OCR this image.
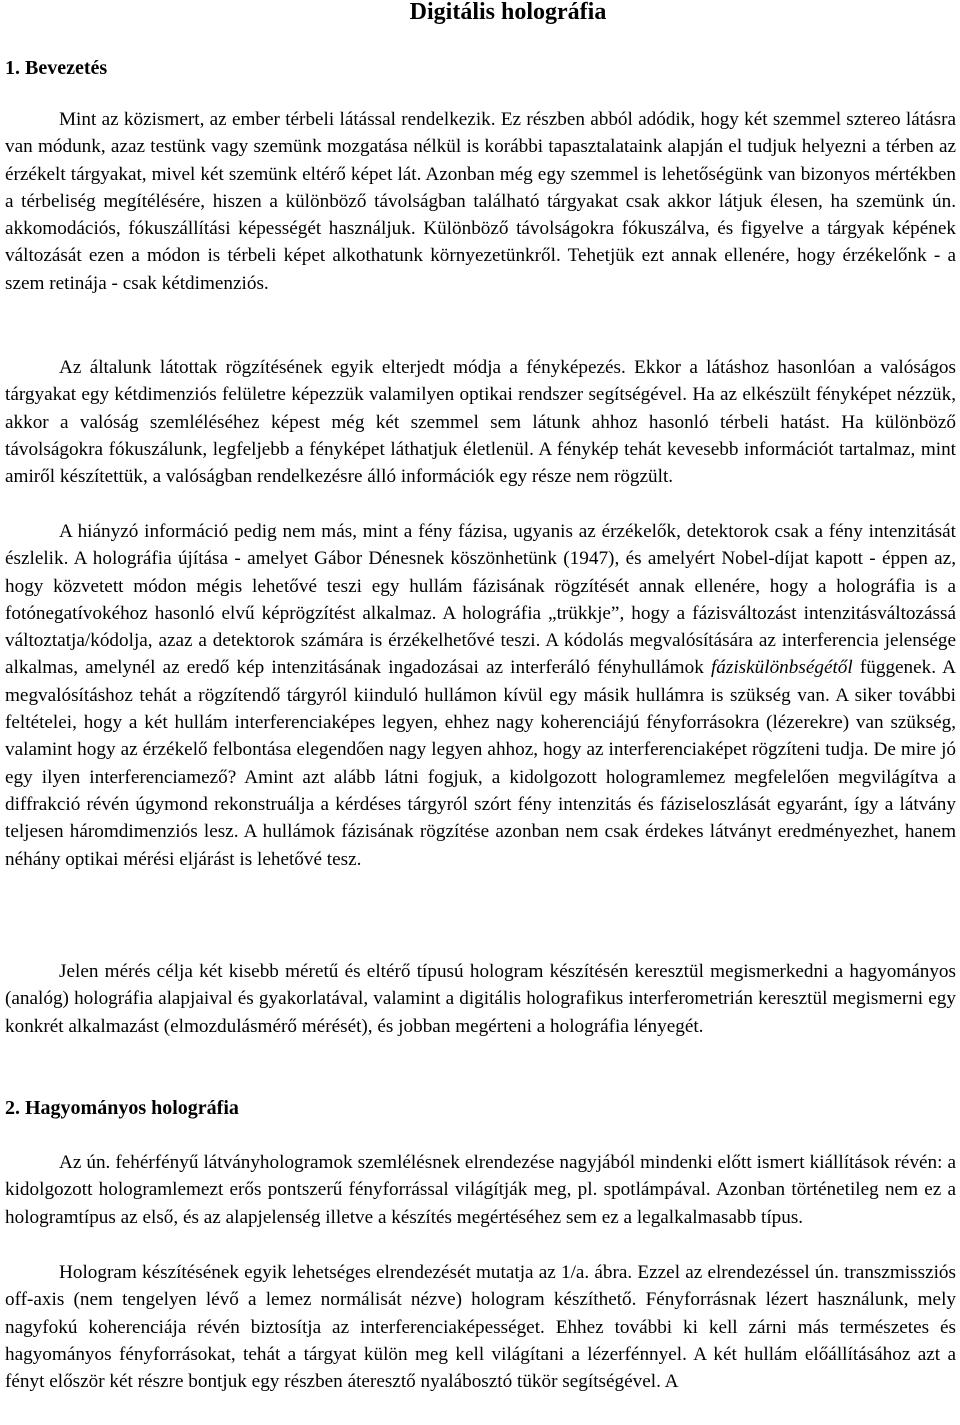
Digitális holográfia
1. Bevezetés

Mint az közismert, az ember térbeli látással rendelkezik. Ez részben abból adódik, hogy két szemmel sztereo látásra van módunk, azaz testünk vagy szemünk mozgatása nélkül is korábbi tapasztalataink alapján el tudjuk helyezni a térben az érzékelt tárgyakat, mivel két szemünk eltérő képet lát. Azonban még egy szemmel is lehetőségünk van bizonyos mértékben a térbeliség megítélésére, hiszen a különböző távolságban található tárgyakat csak akkor látjuk élesen, ha szemünk ún. akkomodációs, fókuszállítási képességét használjuk. Különböző távolságokra fókuszálva, és figyelve a tárgyak képének változását ezen a módon is térbeli képet alkothatunk környezetünkről. Tehetjük ezt annak ellenére, hogy érzékelőnk - a szem retinája - csak kétdimenziós.

Az általunk látottak rögzítésének egyik elterjedt módja a fényképezés. Ekkor a látáshoz hasonlóan a valóságos tárgyakat egy kétdimenziós felületre képezzük valamilyen optikai rendszer segítségével. Ha az elkészült fényképet nézzük, akkor a valóság szemléléséhez képest még két szemmel sem látunk ahhoz hasonló térbeli hatást. Ha különböző távolságokra fókuszálunk, legfeljebb a fényképet láthatjuk életlenül. A fénykép tehát kevesebb információt tartalmaz, mint amiről készítettük, a valóságban rendelkezésre álló információk egy része nem rögzült.

A hiányzó információ pedig nem más, mint a fény fázisa, ugyanis az érzékelők, detektorok csak a fény intenzitását észlelik. A holográfia újítása - amelyet Gábor Dénesnek köszönhetünk (1947), és amelyért Nobel-díjat kapott - éppen az, hogy közvetett módon mégis lehetővé teszi egy hullám fázisának rögzítését annak ellenére, hogy a holográfia is a fotónegatívokéhoz hasonló elvű képrögzítést alkalmaz. A holográfia „trükkje”, hogy a fázisváltozást intenzitásváltozássá változtatja/kódolja, azaz a detektorok számára is érzékelhetővé teszi. A kódolás megvalósítására az interferencia jelensége alkalmas, amelynél az eredő kép intenzitásának ingadozásai az interferáló fényhullámok fáziskülönbségétől függenek. A megvalósításhoz tehát a rögzítendő tárgyról kiinduló hullámon kívül egy másik hullámra is szükség van. A siker további feltételei, hogy a két hullám interferenciaképes legyen, ehhez nagy koherenciájú fényforrásokra (lézerekre) van szükség, valamint hogy az érzékelő felbontása elegendően nagy legyen ahhoz, hogy az interferenciaképet rögzíteni tudja. De mire jó egy ilyen interferenciamező? Amint azt alább látni fogjuk, a kidolgozott hologramlemez megfelelően megvilágítva a diffrakció révén úgymond rekonstruálja a kérdéses tárgyról szórt fény intenzitás és fáziseloszlását egyaránt, így a látvány teljesen háromdimenziós lesz. A hullámok fázisának rögzítése azonban nem csak érdekes látványt eredményezhet, hanem néhány optikai mérési eljárást is lehetővé tesz.

Jelen mérés célja két kisebb méretű és eltérő típusú hologram készítésén keresztül megismerkedni a hagyományos (analóg) holográfia alapjaival és gyakorlatával, valamint a digitális holografikus interferometrián keresztül megismerni egy konkrét alkalmazást (elmozdulásmérő mérését), és jobban megérteni a holográfia lényegét.

2. Hagyományos holográfia

Az ún. fehérfényű látványhologramok szemlélésnek elrendezése nagyjából mindenki előtt ismert kiállítások révén: a kidolgozott hologramlemezt erős pontszerű fényforrással világítják meg, pl. spotlámpával. Azonban történetileg nem ez a hologramtípus az első, és az alapjelenség illetve a készítés megértéséhez sem ez a legalkalmasabb típus.

Hologram készítésének egyik lehetséges elrendezését mutatja az 1/a. ábra. Ezzel az elrendezéssel ún. transzmissziós off-axis (nem tengelyen lévő a lemez normálisát nézve) hologram készíthető. Fényforrásnak lézert használunk, mely nagyfokú koherenciája révén biztosítja az interferenciaképességet. Ehhez további ki kell zárni más természetes és hagyományos fényforrásokat, tehát a tárgyat külön meg kell világítani a lézerfénnyel. A két hullám előállításához azt a fényt először két részre bontjuk egy részben áteresztő nyalábosztó tükör segítségével. A
